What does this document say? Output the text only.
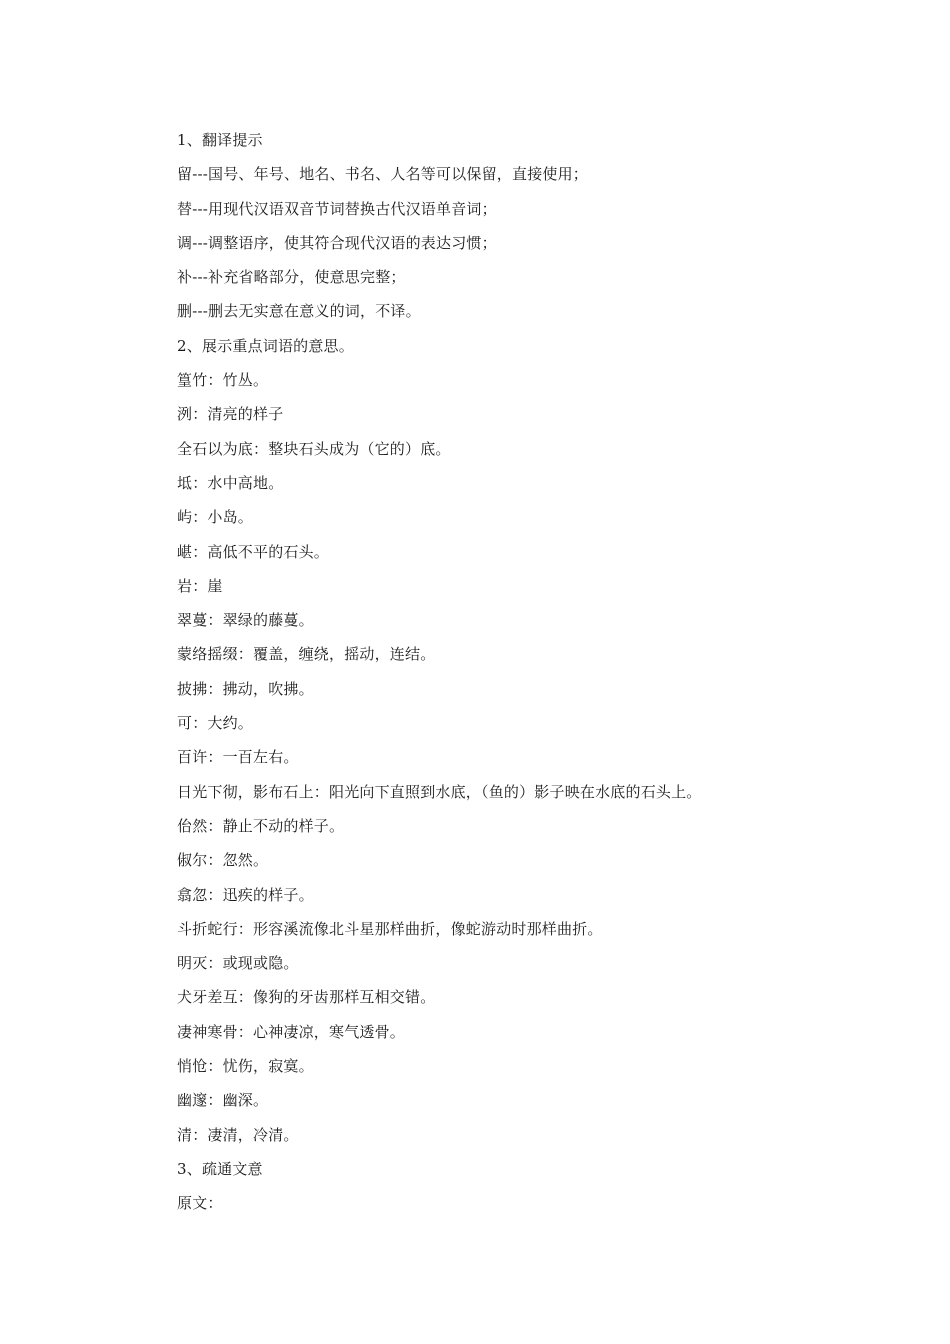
1、翻译提示
留---国号、年号、地名、书名、人名等可以保留，直接使用；
替---用现代汉语双音节词替换古代汉语单音词；
调---调整语序，使其符合现代汉语的表达习惯；
补---补充省略部分，使意思完整；
删---删去无实意在意义的词，不译。
2、展示重点词语的意思。
篁竹：竹丛。
洌：清亮的样子
全石以为底：整块石头成为（它的）底。
坻：水中高地。
屿：小岛。
嵁：高低不平的石头。
岩：崖
翠蔓：翠绿的藤蔓。
蒙络摇缀：覆盖，缠绕，摇动，连结。
披拂：拂动，吹拂。
可：大约。
百许：一百左右。
日光下彻，影布石上：阳光向下直照到水底，（鱼的）影子映在水底的石头上。
佁然：静止不动的样子。
俶尔：忽然。
翕忽：迅疾的样子。
斗折蛇行：形容溪流像北斗星那样曲折，像蛇游动时那样曲折。
明灭：或现或隐。
犬牙差互：像狗的牙齿那样互相交错。
凄神寒骨：心神凄凉，寒气透骨。
悄怆：忧伤，寂寞。
幽邃：幽深。
清：凄清，冷清。
3、疏通文意
原文：
